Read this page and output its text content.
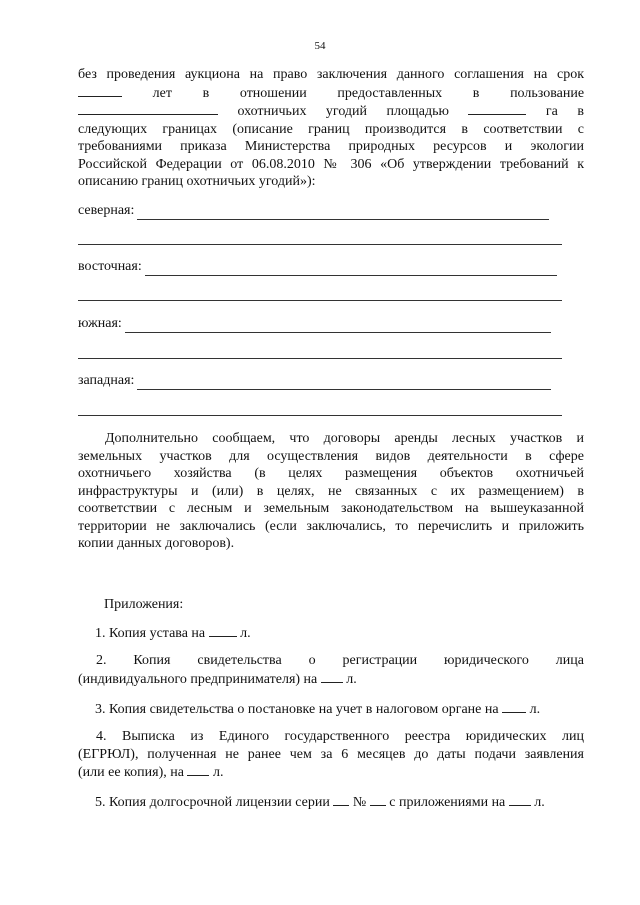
54
без проведения аукциона на право заключения данного соглашения на срок
лет в отношении предоставленных в пользование
охотничьих угодий площадью	га в
следующих границах (описание границ производится в соответствии с
требованиями приказа Министерства природных ресурсов и экологии
Российской Федерации от 06.08.2010 № 306 «Об утверждении требований к
описанию границ охотничьих угодий»):
северная:
восточная:
южная:
западная:
Дополнительно сообщаем, что договоры аренды лесных участков и
земельных участков для осуществления видов деятельности в сфере
охотничьего хозяйства (в целях размещения объектов охотничьей
инфраструктуры и (или) в целях, не связанных с их размещением) в
соответствии с лесным и земельным законодательством на вышеуказанной
территории не заключались (если заключались, то перечислить и приложить
копии данных договоров).
Приложения:
1. Копия устава на	л.
2. Копия свидетельства о регистрации юридического лица
(индивидуального предпринимателя) на л.
3. Копия свидетельства о постановке на учет в налоговом органе на л.
4. Выписка из Единого государственного реестра юридических лиц
(ЕГРЮЛ), полученная не ранее чем за 6 месяцев до даты подачи заявления
(или ее копия), на л.
5. Копия долгосрочной лицензии серии № с приложениями на л.
